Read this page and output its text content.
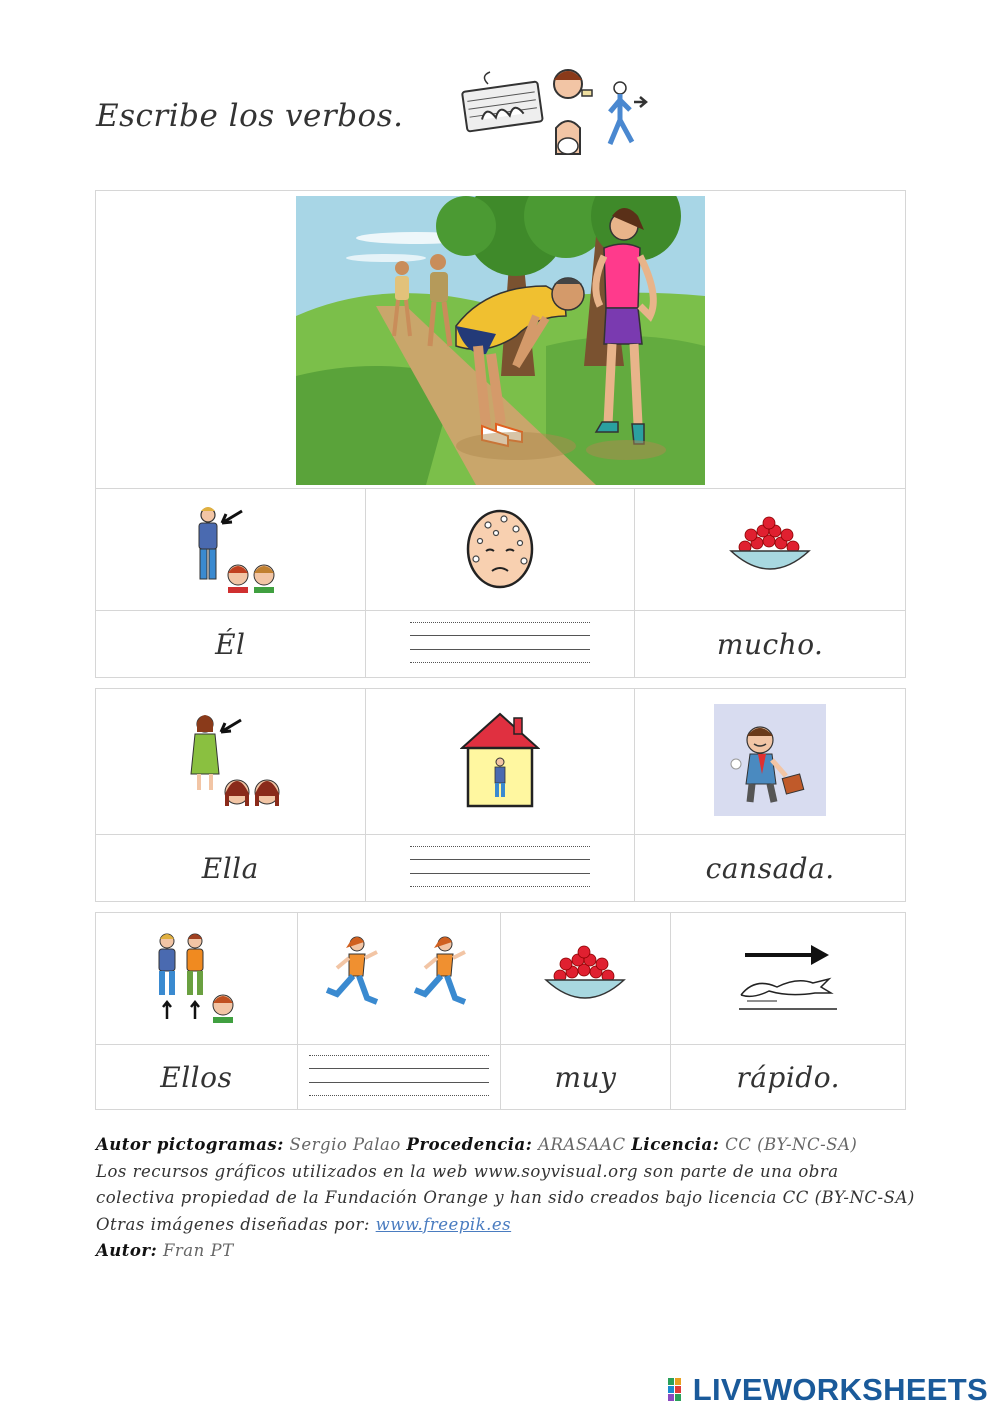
Escribe los verbos.

Él		mucho.

Ella		cansada.

Ellos		muy	rápido.
Autor pictogramas: Sergio Palao Procedencia: ARASAAC Licencia: CC (BY-NC-SA)
Los recursos gráficos utilizados en la web www.soyvisual.org son parte de una obra
colectiva propiedad de la Fundación Orange y han sido creados bajo licencia CC (BY-NC-SA)
Otras imágenes diseñadas por: www.freepik.es
Autor: Fran PT
LIVEWORKSHEETS
